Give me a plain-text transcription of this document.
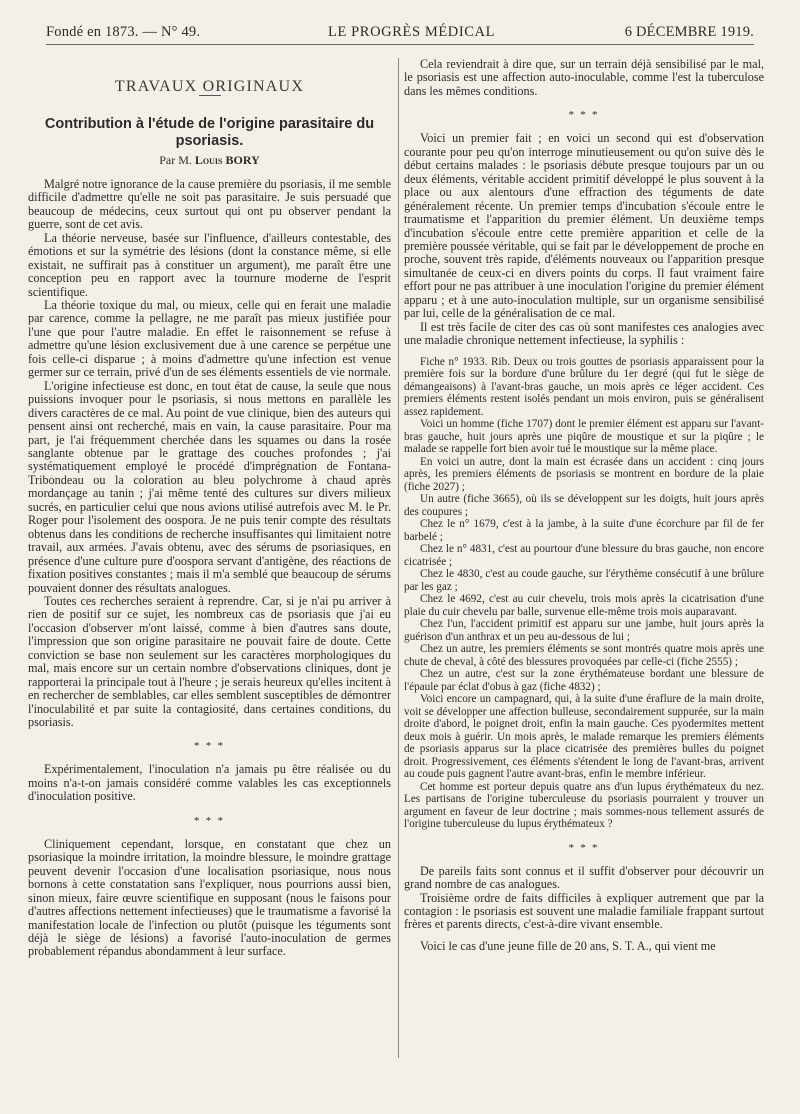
Fondé en 1873. — N° 49.	LE PROGRÈS MÉDICAL	6 DÉCEMBRE 1919.
TRAVAUX ORIGINAUX
Contribution à l'étude de l'origine parasitaire du psoriasis.
Par M. Louis BORY

Malgré notre ignorance de la cause première du psoriasis, il me semble difficile d'admettre qu'elle ne soit pas parasitaire. Je suis persuadé que beaucoup de médecins, ceux surtout qui ont pu observer pendant la guerre, sont de cet avis.

La théorie nerveuse, basée sur l'influence, d'ailleurs contestable, des émotions et sur la symétrie des lésions (dont la constance même, si elle existait, ne suffirait pas à constituer un argument), me paraît être une conception peu en rapport avec la tournure moderne de l'esprit scientifique.

La théorie toxique du mal, ou mieux, celle qui en ferait une maladie par carence, comme la pellagre, ne me paraît pas mieux justifiée pour l'une que pour l'autre maladie. En effet le raisonnement se refuse à admettre qu'une lésion exclusivement due à une carence se perpétue une fois celle-ci disparue ; à moins d'admettre qu'une infection est venue germer sur ce terrain, privé d'un de ses éléments essentiels de vie normale.

L'origine infectieuse est donc, en tout état de cause, la seule que nous puissions invoquer pour le psoriasis, si nous mettons en parallèle les divers caractères de ce mal. Au point de vue clinique, bien des auteurs qui pensent ainsi ont recherché, mais en vain, la cause parasitaire. Pour ma part, je l'ai fréquemment cherchée dans les squames ou dans la rosée sanglante obtenue par le grattage des couches profondes ; j'ai systématiquement employé le procédé d'imprégnation de Fontana-Tribondeau ou la coloration au bleu polychrome à chaud après mordançage au tanin ; j'ai même tenté des cultures sur divers milieux sucrés, en particulier celui que nous avions utilisé autrefois avec M. le Pr. Roger pour l'isolement des oospora. Je ne puis tenir compte des résultats obtenus dans les conditions de recherche insuffisantes qui limitaient notre travail, aux armées. J'avais obtenu, avec des sérums de psoriasiques, en présence d'une culture pure d'oospora servant d'antigène, des réactions de fixation positives constantes ; mais il m'a semblé que beaucoup de sérums pouvaient donner des résultats analogues.

Toutes ces recherches seraient à reprendre. Car, si je n'ai pu arriver à rien de positif sur ce sujet, les nombreux cas de psoriasis que j'ai eu l'occasion d'observer m'ont laissé, comme à bien d'autres sans doute, l'impression que son origine parasitaire ne pouvait faire de doute. Cette conviction se base non seulement sur les caractères morphologiques du mal, mais encore sur un certain nombre d'observations cliniques, dont je rapporterai la principale tout à l'heure ; je serais heureux qu'elles incitent à en rechercher de semblables, car elles semblent susceptibles de démontrer l'inoculabilité et par suite la contagiosité, dans certaines conditions, du psoriasis.

* * *

Expérimentalement, l'inoculation n'a jamais pu être réalisée ou du moins n'a-t-on jamais considéré comme valables les cas exceptionnels d'inoculation positive.

* * *

Cliniquement cependant, lorsque, en constatant que chez un psoriasique la moindre irritation, la moindre blessure, le moindre grattage peuvent devenir l'occasion d'une localisation psoriasique, nous nous bornons à cette constatation sans l'expliquer, nous pourrions aussi bien, sinon mieux, faire œuvre scientifique en supposant (nous le faisons pour d'autres affections nettement infectieuses) que le traumatisme a favorisé la manifestation locale de l'infection ou plutôt (puisque les téguments sont déjà le siège de lésions) a favorisé l'auto-inoculation de germes probablement répandus abondamment à leur surface.

Cela reviendrait à dire que, sur un terrain déjà sensibilisé par le mal, le psoriasis est une affection auto-inoculable, comme l'est la tuberculose dans les mêmes conditions.

* * *

Voici un premier fait ; en voici un second qui est d'observation courante pour peu qu'on interroge minutieusement ou qu'on suive dès le début certains malades : le psoriasis débute presque toujours par un ou deux éléments, véritable accident primitif développé le plus souvent à la place ou aux alentours d'une effraction des téguments de date généralement récente. Un premier temps d'incubation s'écoule entre le traumatisme et l'apparition du premier élément. Un deuxième temps d'incubation s'écoule entre cette première apparition et celle de la première poussée véritable, qui se fait par le développement de proche en proche, souvent très rapide, d'éléments nouveaux ou l'apparition presque simultanée de ceux-ci en divers points du corps. Il faut vraiment faire effort pour ne pas attribuer à une inoculation l'origine du premier élément apparu ; et à une auto-inoculation multiple, sur un organisme sensibilisé par lui, celle de la généralisation de ce mal.

Il est très facile de citer des cas où sont manifestes ces analogies avec une maladie chronique nettement infectieuse, la syphilis :

Fiche n° 1933. Rib. Deux ou trois gouttes de psoriasis apparaissent pour la première fois sur la bordure d'une brûlure du 1er degré (qui fut le siège de démangeaisons) à l'avant-bras gauche, un mois après ce léger accident. Ces premiers éléments restent isolés pendant un mois environ, puis se généralisent assez rapidement.

Voici un homme (fiche 1707) dont le premier élément est apparu sur l'avant-bras gauche, huit jours après une piqûre de moustique et sur la piqûre ; le malade se rappelle fort bien avoir tué le moustique sur la même place.

En voici un autre, dont la main est écrasée dans un accident : cinq jours après, les premiers éléments de psoriasis se montrent en bordure de la plaie (fiche 2027) ;

Un autre (fiche 3665), où ils se développent sur les doigts, huit jours après des coupures ;

Chez le n° 1679, c'est à la jambe, à la suite d'une écorchure par fil de fer barbelé ;

Chez le n° 4831, c'est au pourtour d'une blessure du bras gauche, non encore cicatrisée ;

Chez le 4830, c'est au coude gauche, sur l'érythème consécutif à une brûlure par les gaz ;

Chez le 4692, c'est au cuir chevelu, trois mois après la cicatrisation d'une plaie du cuir chevelu par balle, survenue elle-même trois mois auparavant.

Chez l'un, l'accident primitif est apparu sur une jambe, huit jours après la guérison d'un anthrax et un peu au-dessous de lui ;

Chez un autre, les premiers éléments se sont montrés quatre mois après une chute de cheval, à côté des blessures provoquées par celle-ci (fiche 2555) ;

Chez un autre, c'est sur la zone érythémateuse bordant une blessure de l'épaule par éclat d'obus à gaz (fiche 4832) ;

Voici encore un campagnard, qui, à la suite d'une éraflure de la main droite, voit se développer une affection bulleuse, secondairement suppurée, sur la main droite d'abord, le poignet droit, enfin la main gauche. Ces pyodermites mettent deux mois à guérir. Un mois après, le malade remarque les premiers éléments de psoriasis apparus sur la place cicatrisée des premières bulles du poignet droit. Progressivement, ces éléments s'étendent le long de l'avant-bras, arrivent au coude puis gagnent l'autre avant-bras, enfin le membre inférieur.

Cet homme est porteur depuis quatre ans d'un lupus érythémateux du nez. Les partisans de l'origine tuberculeuse du psoriasis pourraient y trouver un argument en faveur de leur doctrine ; mais sommes-nous tellement assurés de l'origine tuberculeuse du lupus érythémateux ?

* * *

De pareils faits sont connus et il suffit d'observer pour découvrir un grand nombre de cas analogues.

Troisième ordre de faits difficiles à expliquer autrement que par la contagion : le psoriasis est souvent une maladie familiale frappant surtout frères et parents directs, c'est-à-dire vivant ensemble.

Voici le cas d'une jeune fille de 20 ans, S. T. A., qui vient me
